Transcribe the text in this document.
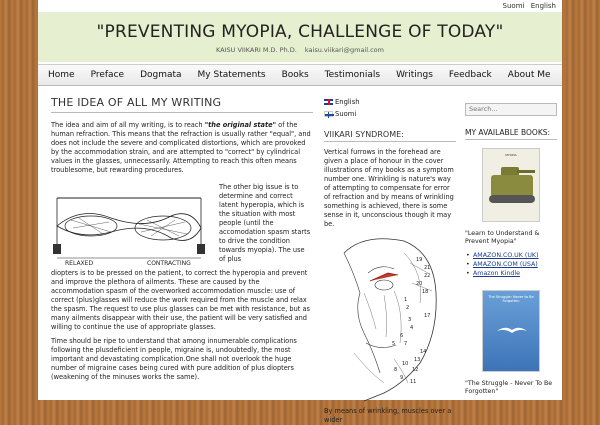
Suomi English
"PREVENTING MYOPIA, CHALLENGE OF TODAY"
KAISU VIIKARI M.D. Ph.D. kaisu.viikari@gmail.com
Home	Preface	Dogmata	My Statements	Books	Testimonials	Writings	Feedback	About Me
THE IDEA OF ALL MY WRITING

The idea and aim of all my writing, is to reach "the original state" of the human refraction. This means that the refraction is usually rather "equal", and does not include the severe and complicated distortions, which are provoked by the accommodation strain, and are attempted to "correct" by cylindrical values in the glasses, unnecessarily. Attempting to reach this often means troublesome, but rewarding procedures.

RELAXED	CONTRACTING

The other big issue is to determine and correct latent hyperopia, which is the situation with most people (until the accomodation spasm starts to drive the condition towards myopia). The use of plus

diopters is to be pressed on the patient, to correct the hyperopia and prevent and improve the plethora of ailments. These are caused by the accommodation spasm of the overworked accommodation muscle: use of correct (plus)glasses will reduce the work required from the muscle and relax the spasm. The request to use plus glasses can be met with resistance, but as many ailments disappear with their use, the patient will be very satisfied and willing to continue the use of appropriate glasses.

Time should be ripe to understand that among innumerable complications following the plusdeficient in people, migraine is, undoubtedly, the most important and devastating complication.One shall not overlook the huge number of migraine cases being cured with pure addition of plus diopters (weakening of the minuses works the same).

English
Suomi
VIIKARI SYNDROME:

Vertical furrows in the forehead are given a place of honour in the cover illustrations of my books as a symptom number one. Wrinkling is nature's way of attempting to compensate for error of refraction and by means of wrinkling something is achieved, there is some sense in it, unconscious though it may be.

19
21
22
20
18
1
2
17
3
4
6
7
5
14
13
10
12
8
9
11

By means of wrinkling, muscles over a wider

Search...
MY AVAILABLE BOOKS:
MYOPIA
"Learn to Understand & Prevent Myopia"
• AMAZON.CO.UK (UK)
• AMAZON.COM (USA)
• Amazon Kindle
The Struggle: Never to Be Forgotten
"The Struggle - Never To Be Forgotten"
